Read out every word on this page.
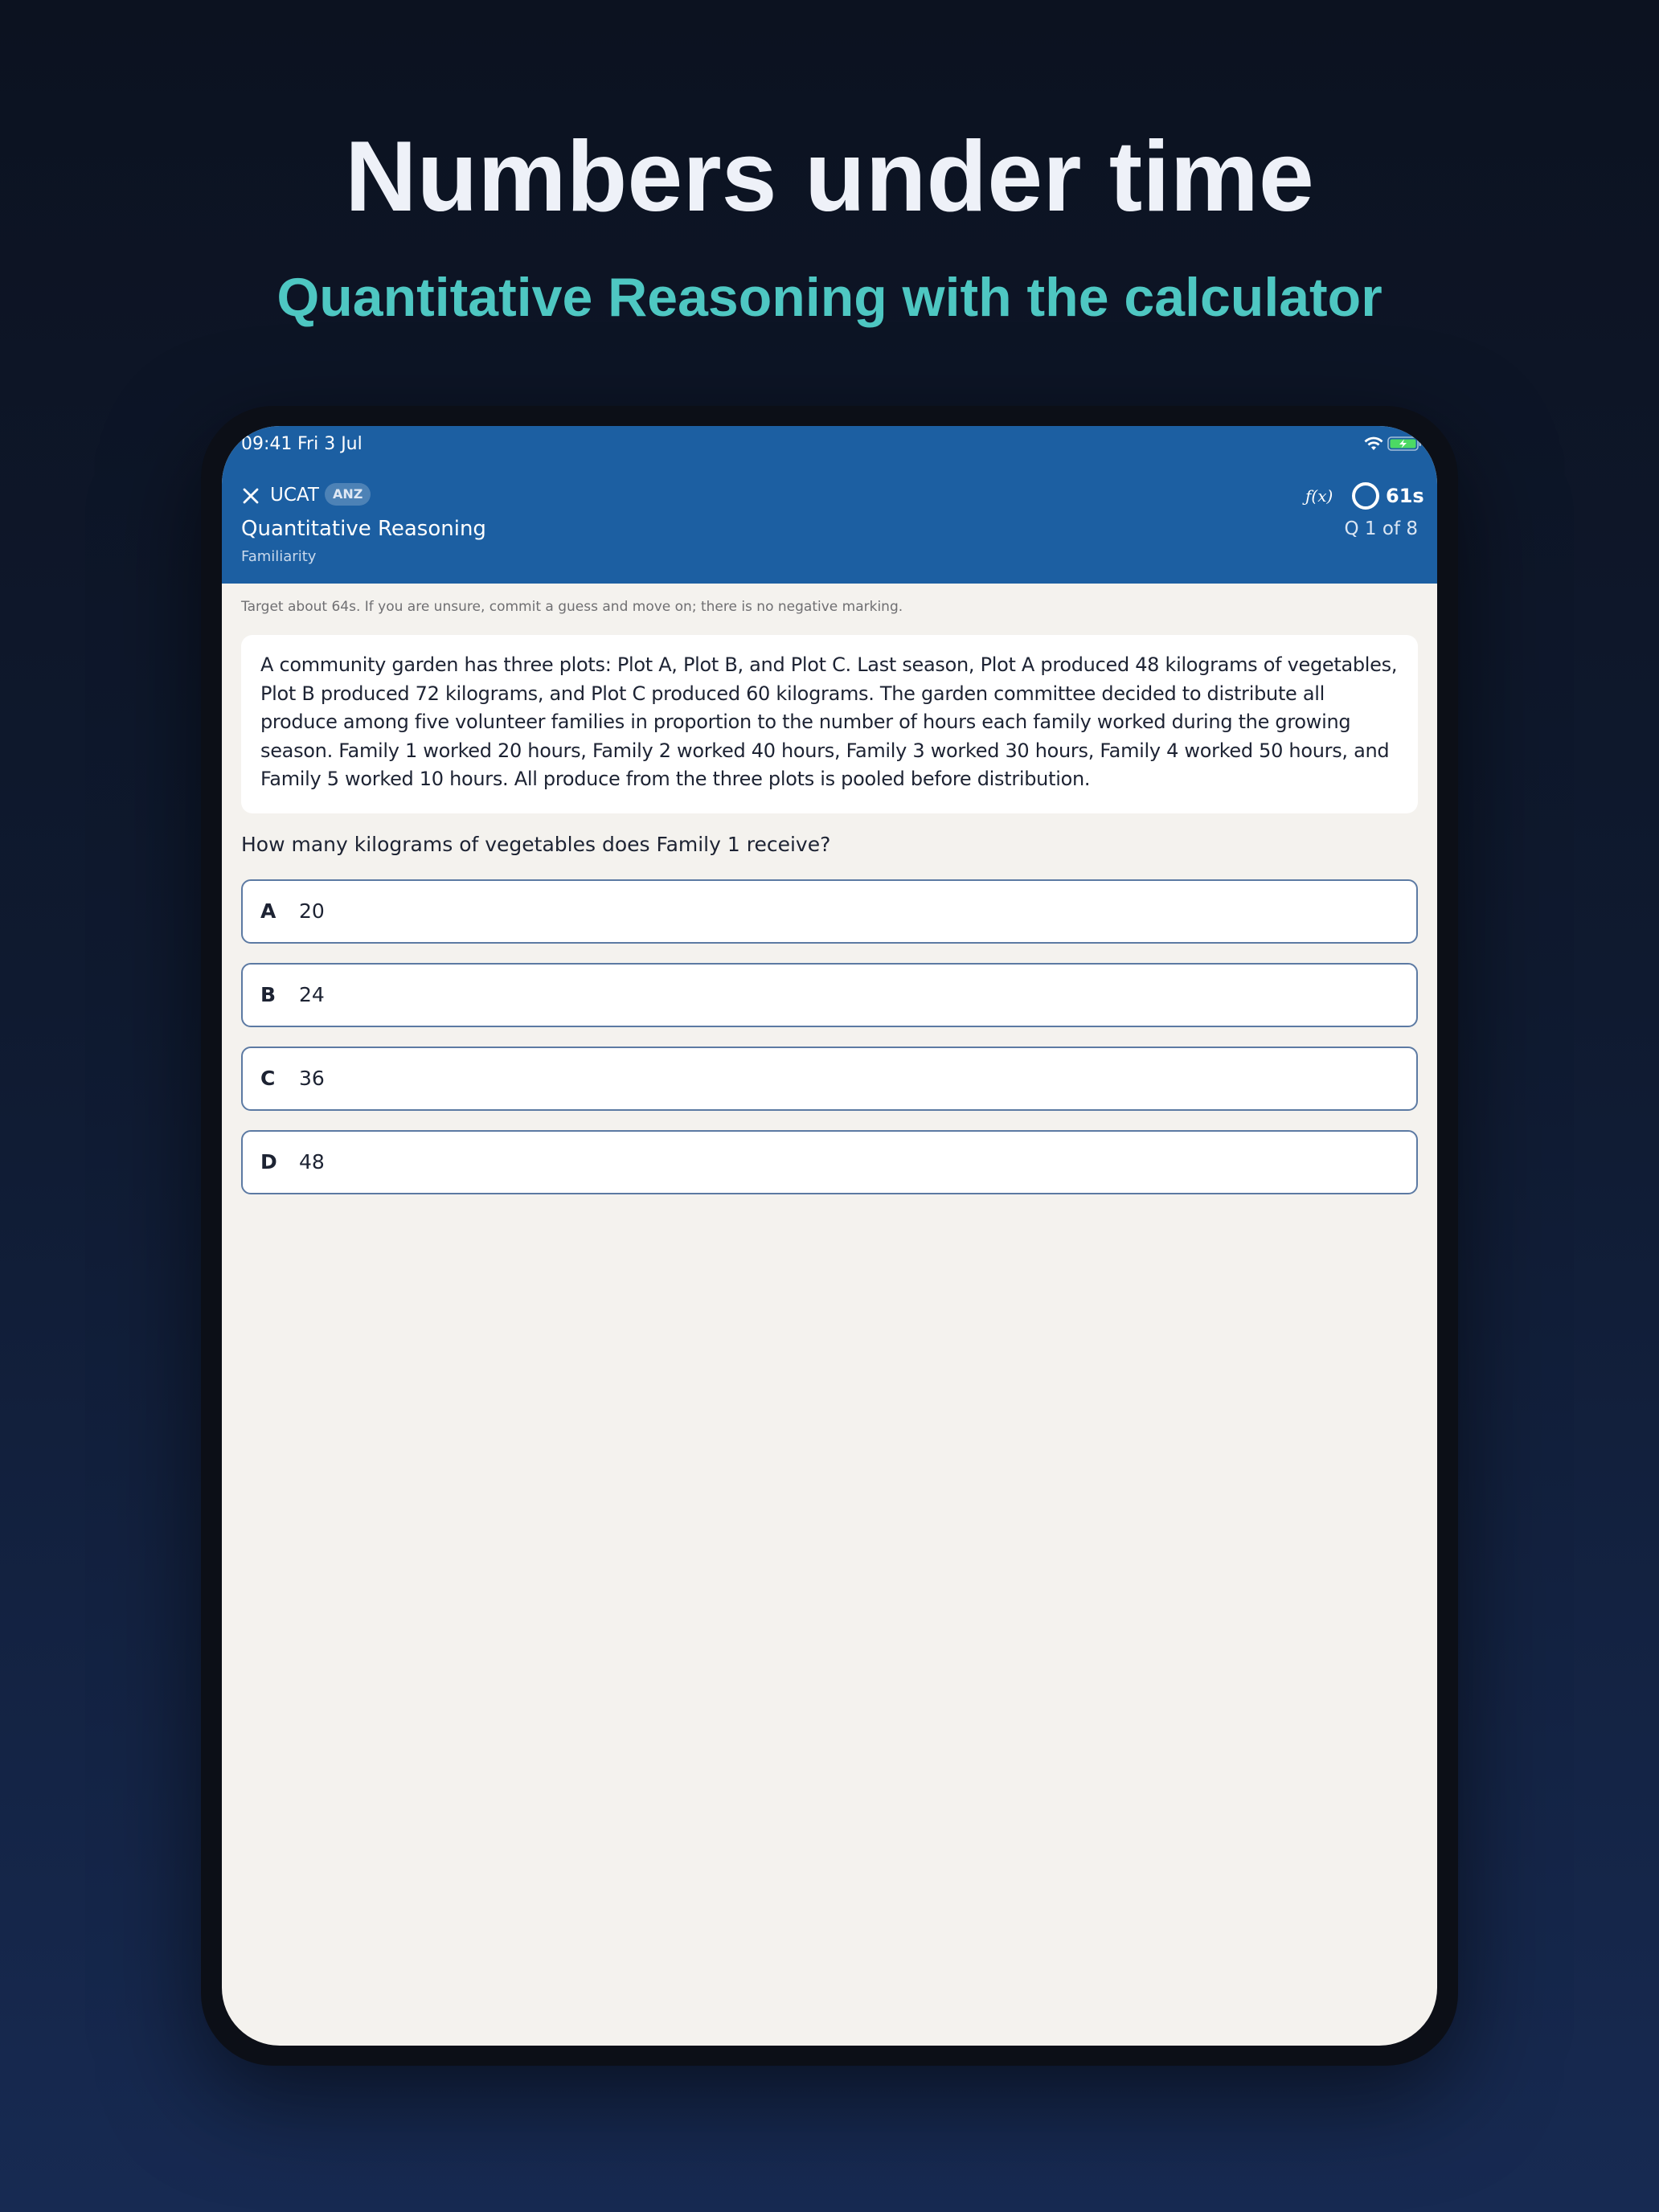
Numbers under time
Quantitative Reasoning with the calculator
09:41 Fri 3 Jul
UCAT	ANZ	ƒ(x)	61s
Quantitative Reasoning	Q 1 of 8
Familiarity
Target about 64s. If you are unsure, commit a guess and move on; there is no negative marking.
A community garden has three plots: Plot A, Plot B, and Plot C. Last season, Plot A produced 48 kilograms of vegetables, Plot B produced 72 kilograms, and Plot C produced 60 kilograms. The garden committee decided to distribute all produce among five volunteer families in proportion to the number of hours each family worked during the growing season. Family 1 worked 20 hours, Family 2 worked 40 hours, Family 3 worked 30 hours, Family 4 worked 50 hours, and Family 5 worked 10 hours. All produce from the three plots is pooled before distribution.
How many kilograms of vegetables does Family 1 receive?
A 20
B 24
C 36
D 48
